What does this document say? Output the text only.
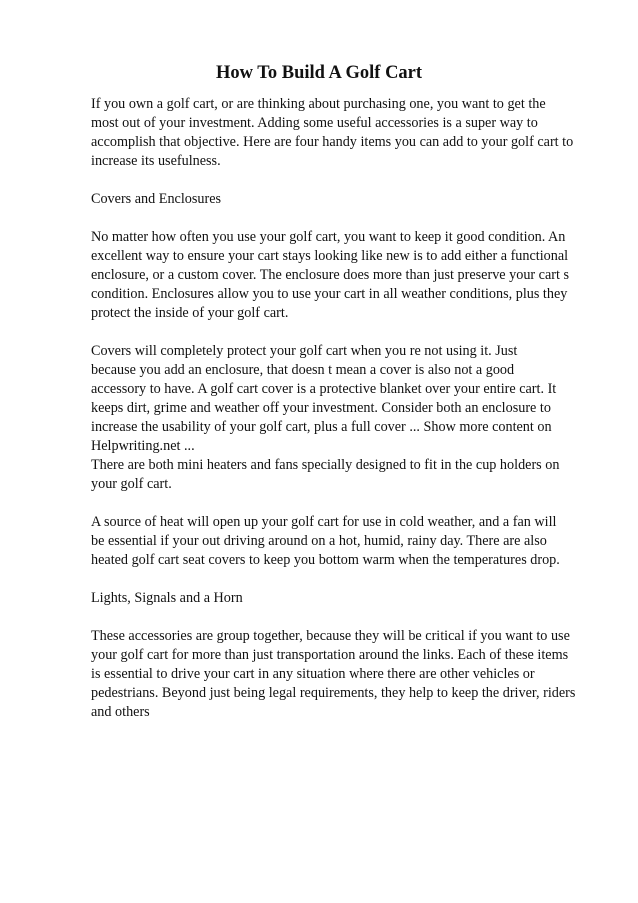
How To Build A Golf Cart

If you own a golf cart, or are thinking about purchasing one, you want to get the
most out of your investment. Adding some useful accessories is a super way to
accomplish that objective. Here are four handy items you can add to your golf cart to
increase its usefulness.

Covers and Enclosures

No matter how often you use your golf cart, you want to keep it good condition. An
excellent way to ensure your cart stays looking like new is to add either a functional
enclosure, or a custom cover. The enclosure does more than just preserve your cart s
condition. Enclosures allow you to use your cart in all weather conditions, plus they
protect the inside of your golf cart.

Covers will completely protect your golf cart when you re not using it. Just
because you add an enclosure, that doesn t mean a cover is also not a good
accessory to have. A golf cart cover is a protective blanket over your entire cart. It
keeps dirt, grime and weather off your investment. Consider both an enclosure to
increase the usability of your golf cart, plus a full cover ... Show more content on
Helpwriting.net ...

There are both mini heaters and fans specially designed to fit in the cup holders on
your golf cart.

A source of heat will open up your golf cart for use in cold weather, and a fan will
be essential if your out driving around on a hot, humid, rainy day. There are also
heated golf cart seat covers to keep you bottom warm when the temperatures drop.

Lights, Signals and a Horn

These accessories are group together, because they will be critical if you want to use
your golf cart for more than just transportation around the links. Each of these items
is essential to drive your cart in any situation where there are other vehicles or
pedestrians. Beyond just being legal requirements, they help to keep the driver, riders
and others
